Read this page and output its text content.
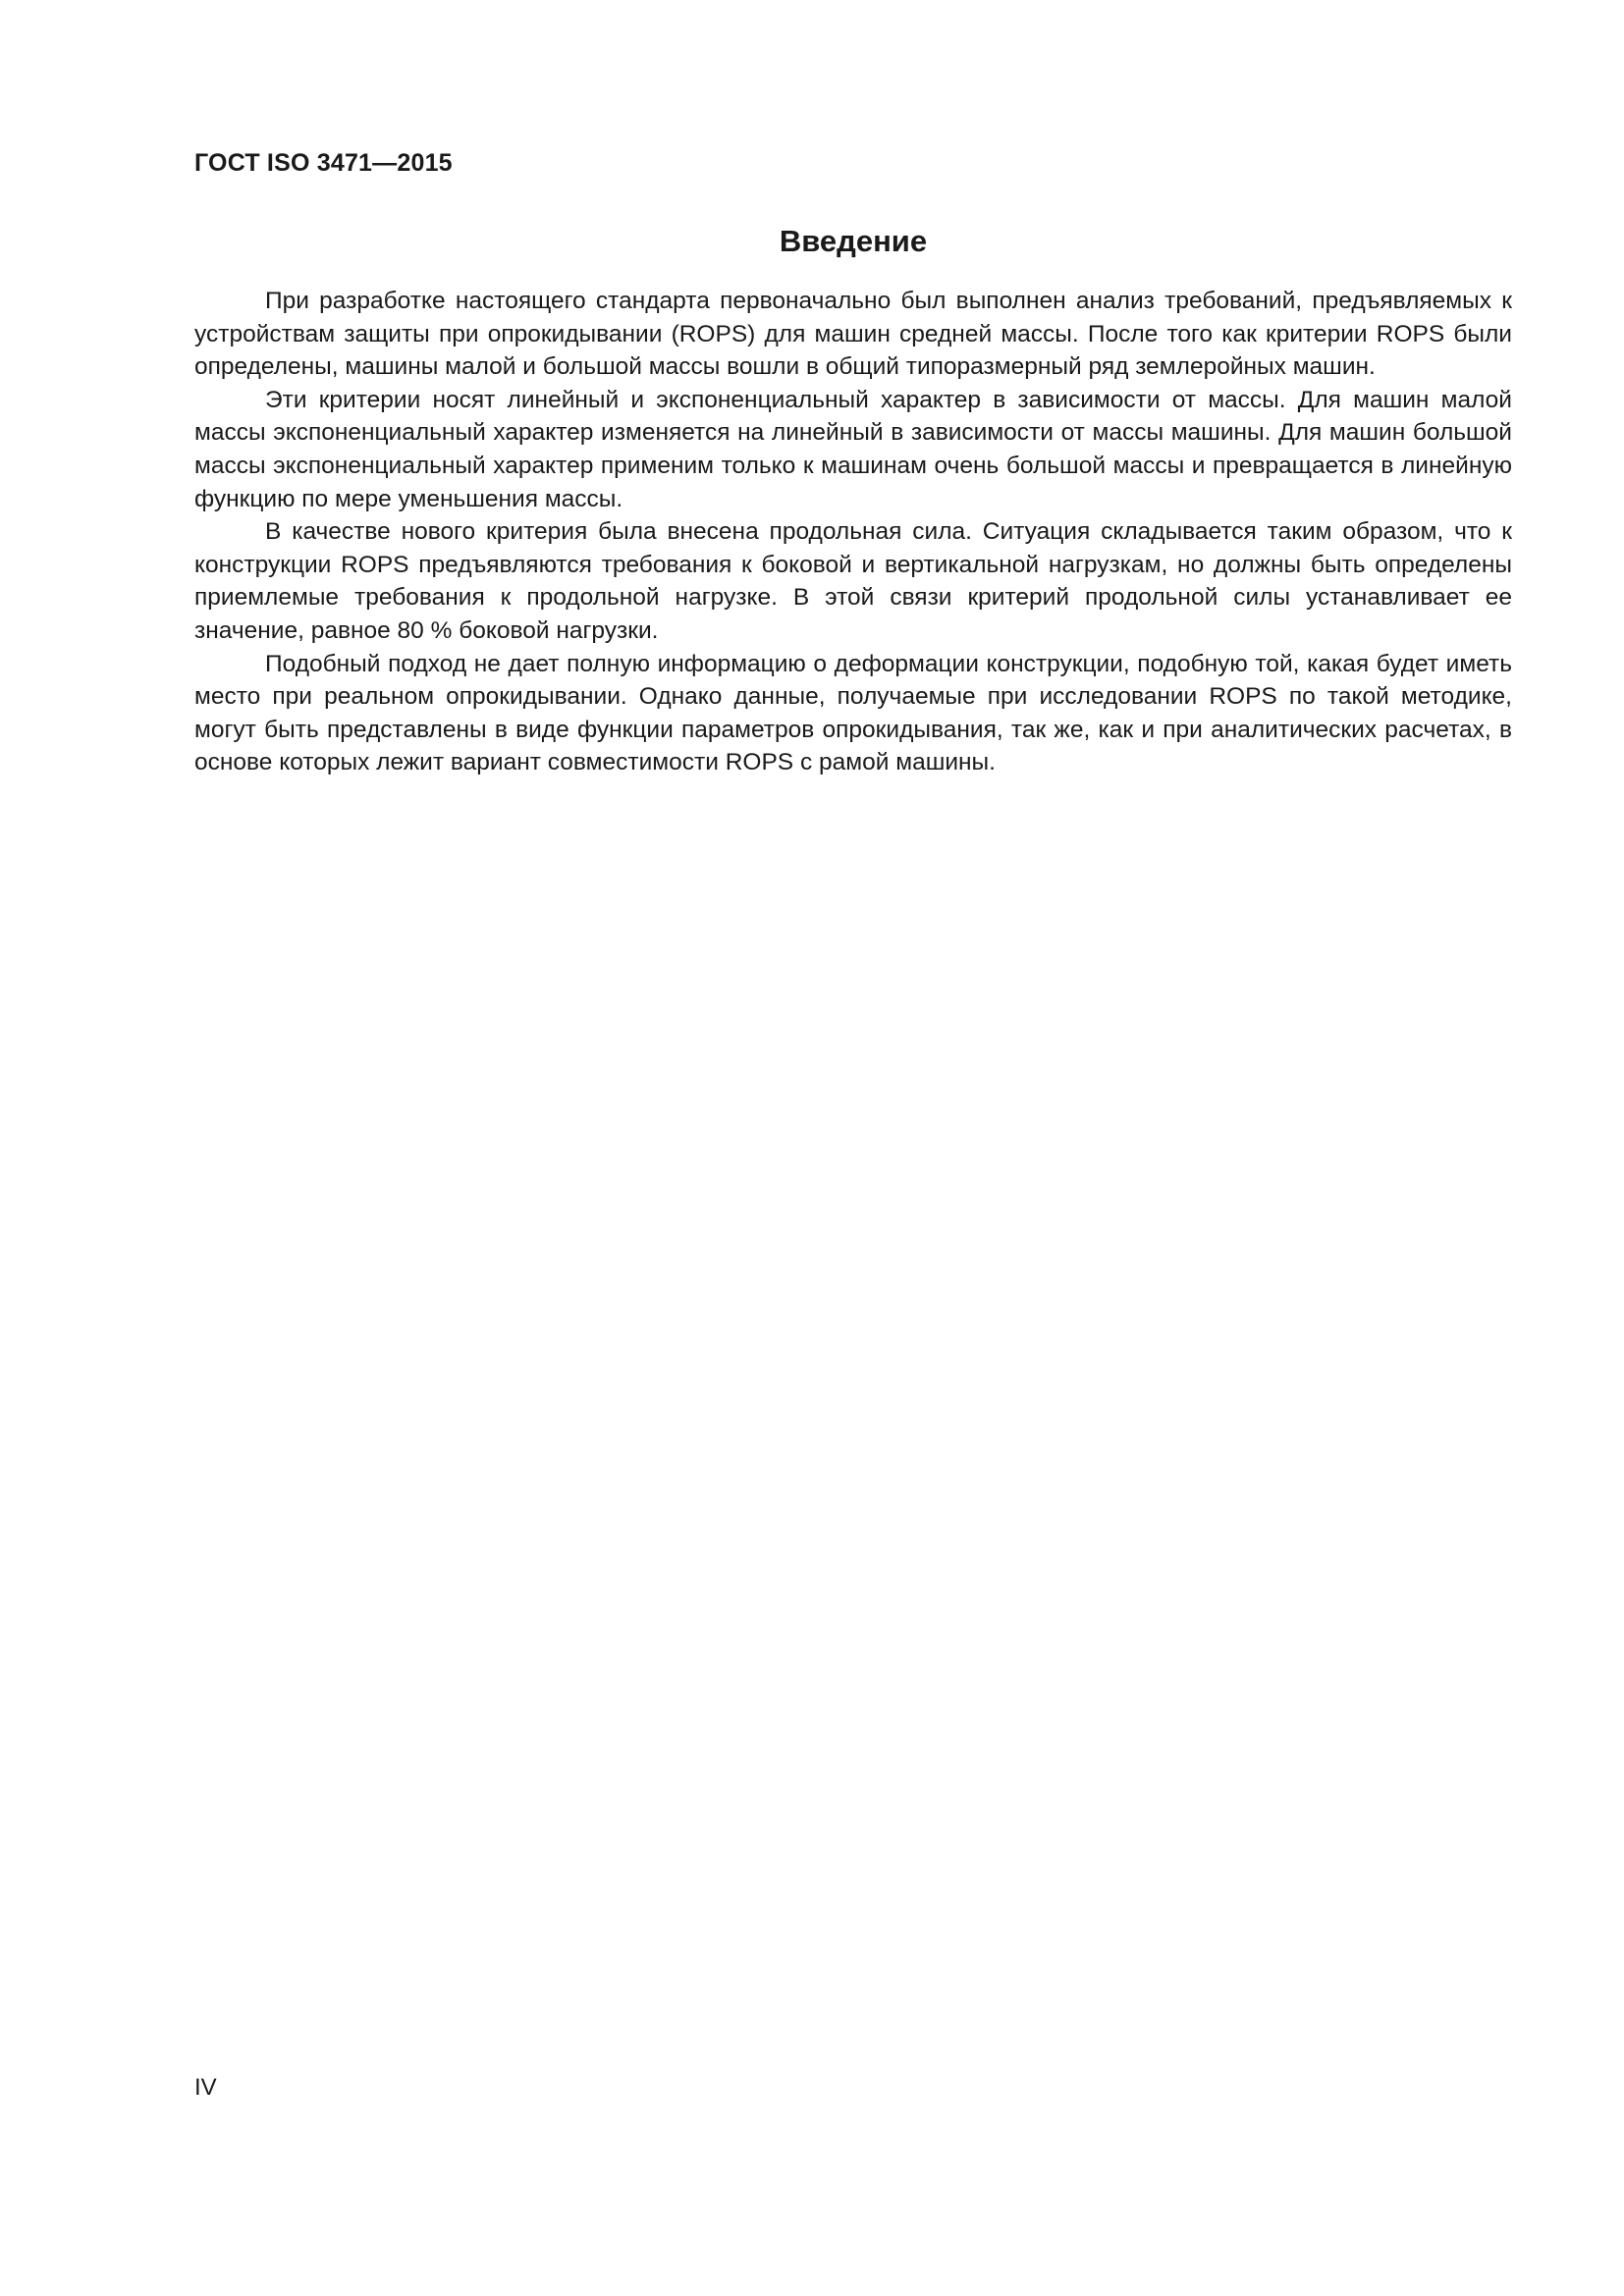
ГОСТ ISO 3471—2015
Введение

При разработке настоящего стандарта первоначально был выполнен анализ требований, предъявляемых к устройствам защиты при опрокидывании (ROPS) для машин средней массы. После того как критерии ROPS были определены, машины малой и большой массы вошли в общий типоразмерный ряд землеройных машин.

Эти критерии носят линейный и экспоненциальный характер в зависимости от массы. Для машин малой массы экспоненциальный характер изменяется на линейный в зависимости от массы машины. Для машин большой массы экспоненциальный характер применим только к машинам очень большой массы и превращается в линейную функцию по мере уменьшения массы.

В качестве нового критерия была внесена продольная сила. Ситуация складывается таким образом, что к конструкции ROPS предъявляются требования к боковой и вертикальной нагрузкам, но должны быть определены приемлемые требования к продольной нагрузке. В этой связи критерий продольной силы устанавливает ее значение, равное 80 % боковой нагрузки.

Подобный подход не дает полную информацию о деформации конструкции, подобную той, какая будет иметь место при реальном опрокидывании. Однако данные, получаемые при исследовании ROPS по такой методике, могут быть представлены в виде функции параметров опрокидывания, так же, как и при аналитических расчетах, в основе которых лежит вариант совместимости ROPS с рамой машины.

IV
